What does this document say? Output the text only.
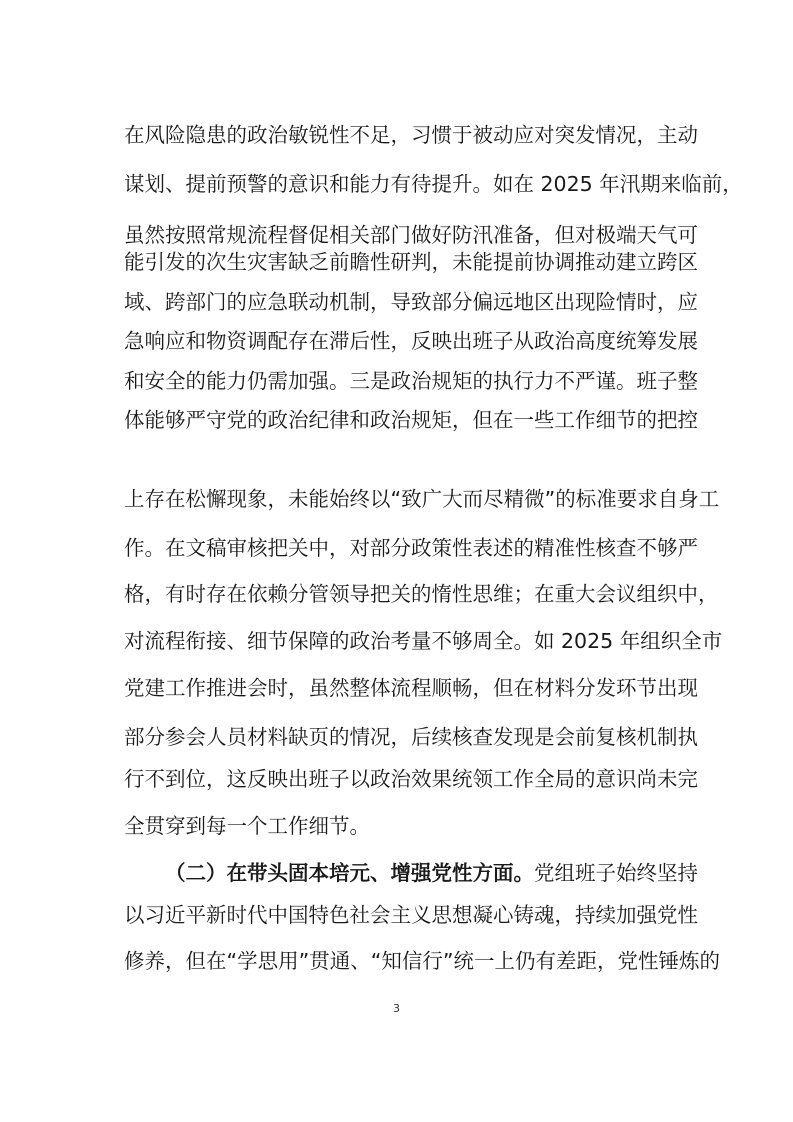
在风险隐患的政治敏锐性不足，习惯于被动应对突发情况，主动
谋划、提前预警的意识和能力有待提升。如在 2025 年汛期来临前，
虽然按照常规流程督促相关部门做好防汛准备，但对极端天气可
能引发的次生灾害缺乏前瞻性研判，未能提前协调推动建立跨区
域、跨部门的应急联动机制，导致部分偏远地区出现险情时，应
急响应和物资调配存在滞后性，反映出班子从政治高度统筹发展
和安全的能力仍需加强。三是政治规矩的执行力不严谨。班子整
体能够严守党的政治纪律和政治规矩，但在一些工作细节的把控
上存在松懈现象，未能始终以“致广大而尽精微”的标准要求自身工
作。在文稿审核把关中，对部分政策性表述的精准性核查不够严
格，有时存在依赖分管领导把关的惰性思维；在重大会议组织中，
对流程衔接、细节保障的政治考量不够周全。如 2025 年组织全市
党建工作推进会时，虽然整体流程顺畅，但在材料分发环节出现
部分参会人员材料缺页的情况，后续核查发现是会前复核机制执
行不到位，这反映出班子以政治效果统领工作全局的意识尚未完
全贯穿到每一个工作细节。
（二）在带头固本培元、增强党性方面。党组班子始终坚持
以习近平新时代中国特色社会主义思想凝心铸魂，持续加强党性
修养，但在“学思用”贯通、“知信行”统一上仍有差距，党性锤炼的
3
